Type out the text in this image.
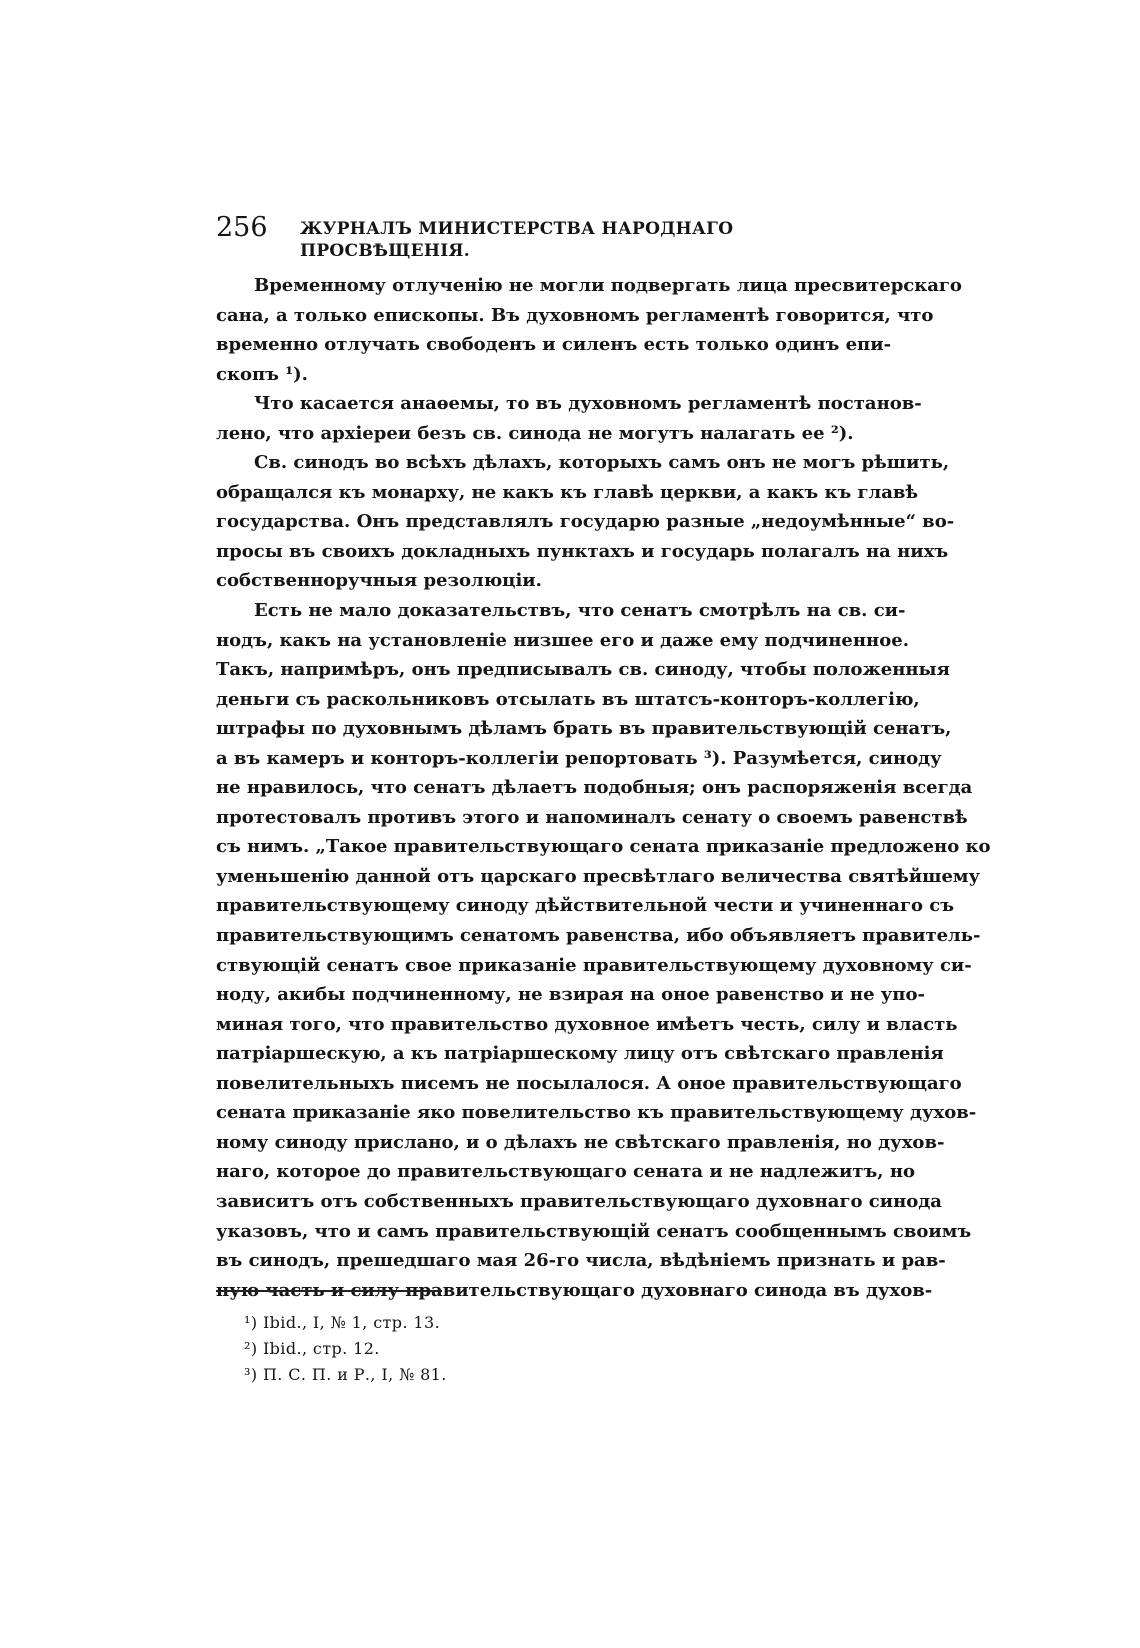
256 ЖУРНАЛЪ МИНИСТЕРСТВА НАРОДНАГО ПРОСВѢЩЕНІЯ.
Временному отлученію не могли подвергать лица пресвитерскаго
сана, а только епископы. Въ духовномъ регламентѣ говорится, что
временно отлучать свободенъ и силенъ есть только одинъ епи-
скопъ ¹).
Что касается анаѳемы, то въ духовномъ регламентѣ постанов-
лено, что архіереи безъ св. синода не могутъ налагать ее ²).
Св. синодъ во всѣхъ дѣлахъ, которыхъ самъ онъ не могъ рѣшить,
обращался къ монарху, не какъ къ главѣ церкви, а какъ къ главѣ
государства. Онъ представлялъ государю разные „недоумѣнные“ во-
просы въ своихъ докладныхъ пунктахъ и государь полагалъ на нихъ
собственноручныя резолюціи.
Есть не мало доказательствъ, что сенатъ смотрѣлъ на св. си-
нодъ, какъ на установленіе низшее его и даже ему подчиненное.
Такъ, напримѣръ, онъ предписывалъ св. синоду, чтобы положенныя
деньги съ раскольниковъ отсылать въ штатсъ-конторъ-коллегію,
штрафы по духовнымъ дѣламъ брать въ правительствующій сенатъ,
а въ камеръ и конторъ-коллегіи репортовать ³). Разумѣется, синоду
не нравилось, что сенатъ дѣлаетъ подобныя; онъ распоряженія всегда
протестовалъ противъ этого и напоминалъ сенату о своемъ равенствѣ
съ нимъ. „Такое правительствующаго сената приказаніе предложено ко
уменьшенію данной отъ царскаго пресвѣтлаго величества святѣйшему
правительствующему синоду дѣйствительной чести и учиненнаго съ
правительствующимъ сенатомъ равенства, ибо объявляетъ правитель-
ствующій сенатъ свое приказаніе правительствующему духовному си-
ноду, акибы подчиненному, не взирая на оное равенство и не упо-
миная того, что правительство духовное имѣетъ честь, силу и власть
патріаршескую, а къ патріаршескому лицу отъ свѣтскаго правленія
повелительныхъ писемъ не посылалося. А оное правительствующаго
сената приказаніе яко повелительство къ правительствующему духов-
ному синоду прислано, и о дѣлахъ не свѣтскаго правленія, но духов-
наго, которое до правительствующаго сената и не надлежитъ, но
зависитъ отъ собственныхъ правительствующаго духовнаго синода
указовъ, что и самъ правительствующій сенатъ сообщеннымъ своимъ
въ синодъ, прешедшаго мая 26-го числа, вѣдѣніемъ признать и рав-
ную часть и силу правительствующаго духовнаго синода въ духов-
¹) Ibid., I, № 1, стр. 13.
²) Ibid., стр. 12.
³) П. С. П. и Р., I, № 81.
